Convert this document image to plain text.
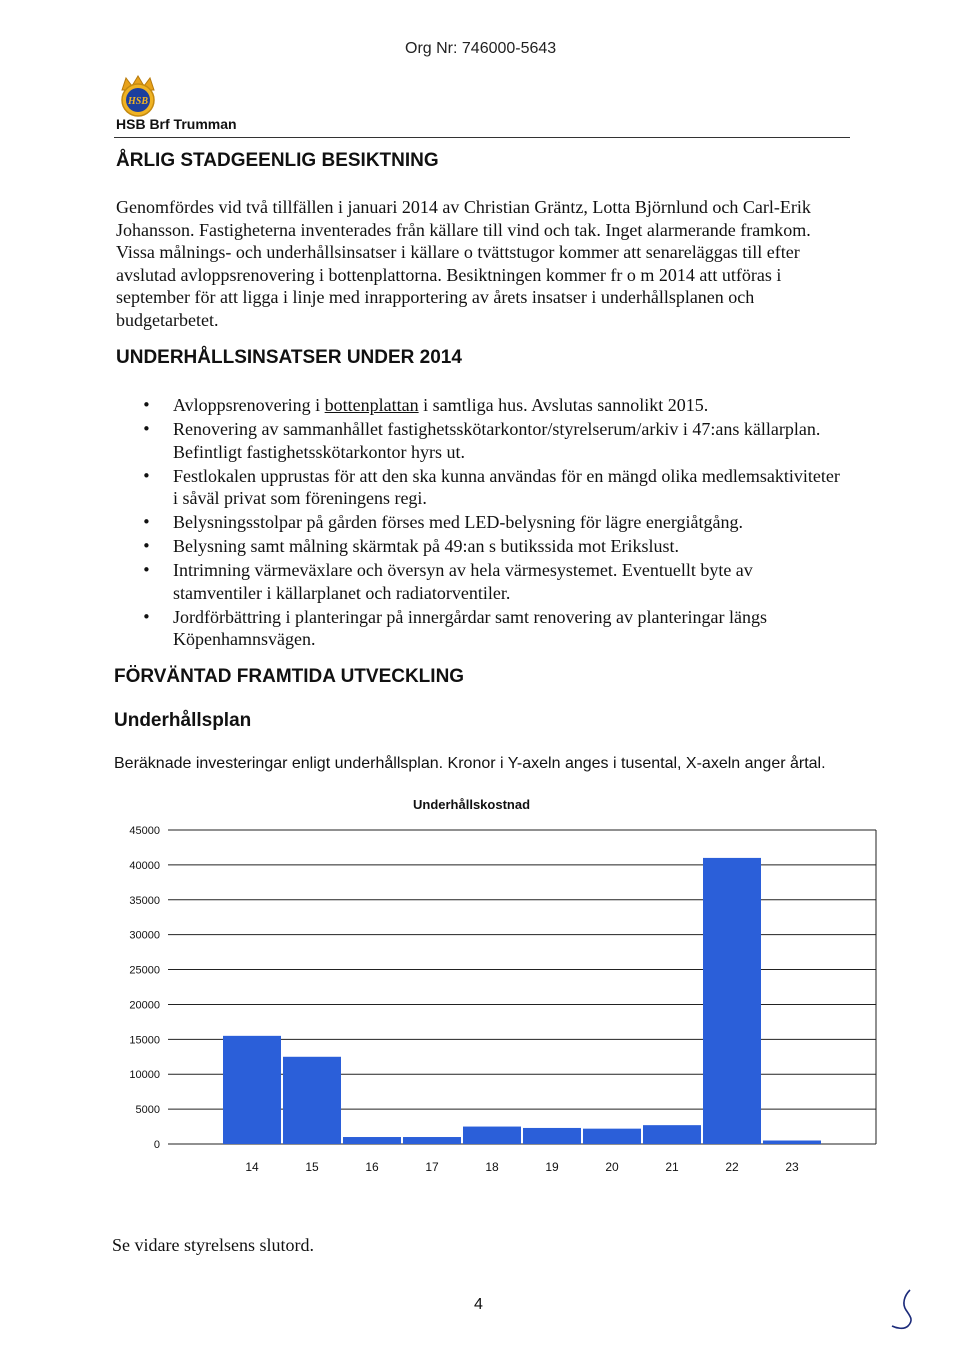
Org Nr: 746000-5643
HSB
HSB Brf Trumman
ÅRLIG STADGEENLIG BESIKTNING
Genomfördes vid två tillfällen i januari 2014 av Christian Gräntz, Lotta Björnlund och Carl-Erik Johansson. Fastigheterna inventerades från källare till vind och tak. Inget alarmerande framkom. Vissa målnings- och underhållsinsatser i källare o tvättstugor kommer att senareläggas till efter avslutad avloppsrenovering i bottenplattorna. Besiktningen kommer fr o m 2014 att utföras i september för att ligga i linje med inrapportering av årets insatser i underhållsplanen och budgetarbetet.
UNDERHÅLLSINSATSER UNDER 2014
• Avloppsrenovering i bottenplattan i samtliga hus. Avslutas sannolikt 2015.
• Renovering av sammanhållet fastighetsskötarkontor/styrelserum/arkiv i 47:ans källarplan. Befintligt fastighetsskötarkontor hyrs ut.
• Festlokalen upprustas för att den ska kunna användas för en mängd olika medlemsaktiviteter i såväl privat som föreningens regi.
• Belysningsstolpar på gården förses med LED-belysning för lägre energiåtgång.
• Belysning samt målning skärmtak på 49:an s butikssida mot Erikslust.
• Intrimning värmeväxlare och översyn av hela värmesystemet. Eventuellt byte av stamventiler i källarplanet och radiatorventiler.
• Jordförbättring i planteringar på innergårdar samt renovering av planteringar längs Köpenhamnsvägen.
FÖRVÄNTAD FRAMTIDA UTVECKLING
Underhållsplan
Beräknade investeringar enligt underhållsplan. Kronor i Y-axeln anges i tusental, X-axeln anger årtal.
Underhållskostnad
0
5000
10000
15000
20000
25000
30000
35000
40000
45000
14	15	16	17	18	19	20	21	22	23
Se vidare styrelsens slutord.
4
